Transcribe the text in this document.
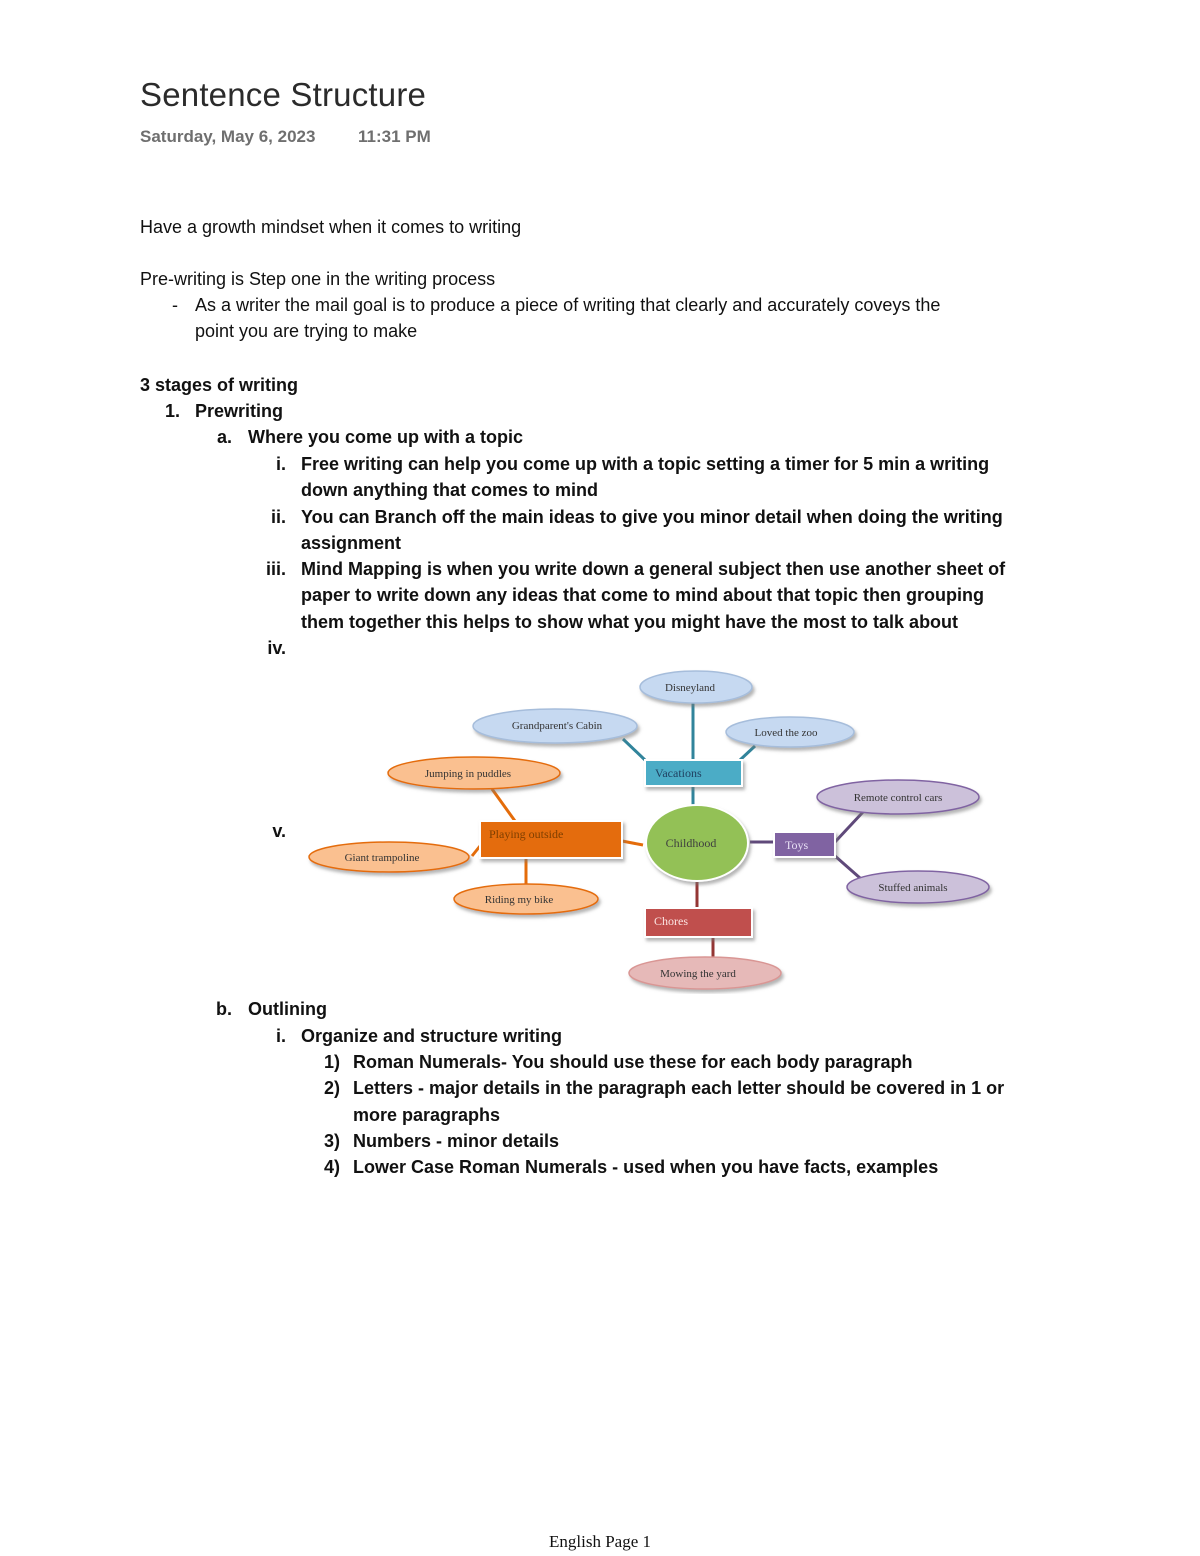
Sentence Structure
Saturday, May 6, 2023	11:31 PM
Have a growth mindset when it comes to writing
Pre-writing is Step one in the writing process
- As a writer the mail goal is to produce a piece of writing that clearly and accurately coveys the
point you are trying to make
3 stages of writing
1. Prewriting
a. Where you come up with a topic
i. Free writing can help you come up with a topic setting a timer for 5 min a writing
down anything that comes to mind
ii. You can Branch off the main ideas to give you minor detail when doing the writing
assignment
iii. Mind Mapping is when you write down a general subject then use another sheet of
paper to write down any ideas that come to mind about that topic then grouping
them together this helps to show what you might have the most to talk about
iv.
v.
Childhood
Vacations
Disneyland
Grandparent's Cabin
Loved the zoo
Playing outside
Jumping in puddles
Giant trampoline
Riding my bike
Toys
Remote control cars
Stuffed animals
Chores
Mowing the yard
b. Outlining
i. Organize and structure writing
1) Roman Numerals- You should use these for each body paragraph
2) Letters - major details in the paragraph each letter should be covered in 1 or
more paragraphs
3) Numbers - minor details
4) Lower Case Roman Numerals - used when you have facts, examples
English Page 1
